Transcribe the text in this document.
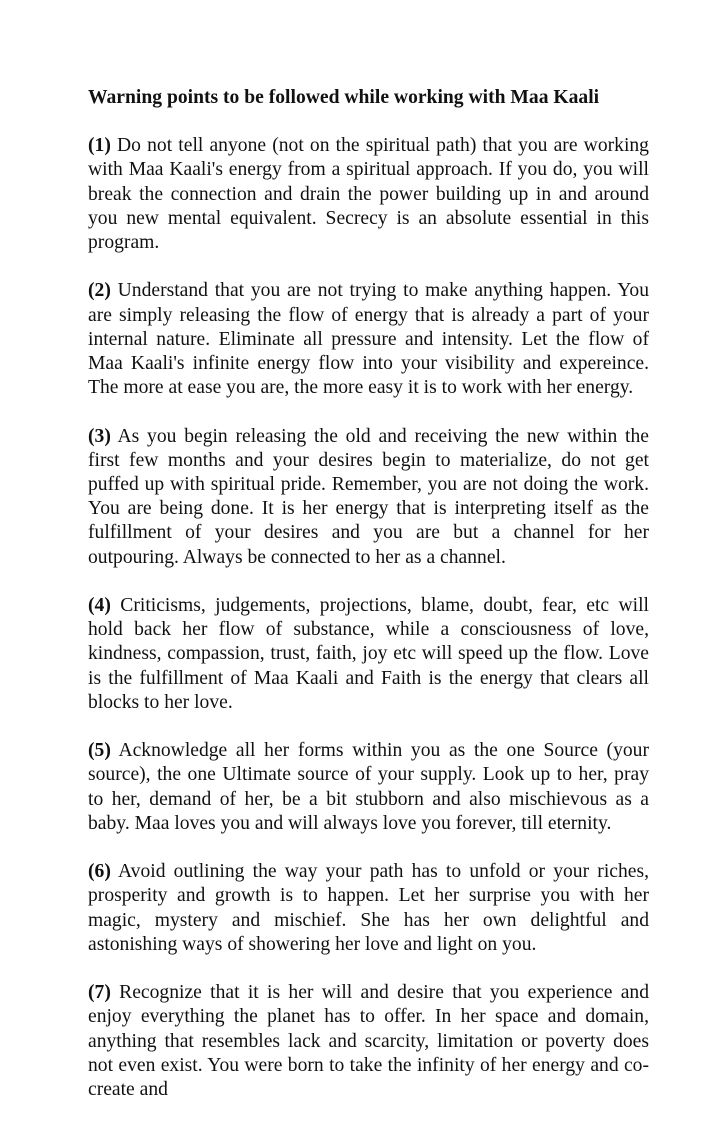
Warning points to be followed while working with Maa Kaali

(1) Do not tell anyone (not on the spiritual path) that you are working with Maa Kaali's energy from a spiritual approach. If you do, you will break the connection and drain the power building up in and around you new mental equivalent. Secrecy is an absolute essential in this program.

(2) Understand that you are not trying to make anything happen. You are simply releasing the flow of energy that is already a part of your internal nature. Eliminate all pressure and intensity. Let the flow of Maa Kaali's infinite energy flow into your visibility and expereince. The more at ease you are, the more easy it is to work with her energy.

(3) As you begin releasing the old and receiving the new within the first few months and your desires begin to materialize, do not get puffed up with spiritual pride. Remember, you are not doing the work. You are being done. It is her energy that is interpreting itself as the fulfillment of your desires and you are but a channel for her outpouring. Always be connected to her as a channel.

(4) Criticisms, judgements, projections, blame, doubt, fear, etc will hold back her flow of substance, while a consciousness of love, kindness, compassion, trust, faith, joy etc will speed up the flow. Love is the fulfillment of Maa Kaali and Faith is the energy that clears all blocks to her love.

(5) Acknowledge all her forms within you as the one Source (your source), the one Ultimate source of your supply. Look up to her, pray to her, demand of her, be a bit stubborn and also mischievous as a baby. Maa loves you and will always love you forever, till eternity.

(6) Avoid outlining the way your path has to unfold or your riches, prosperity and growth is to happen. Let her surprise you with her magic, mystery and mischief. She has her own delightful and astonishing ways of showering her love and light on you.

(7) Recognize that it is her will and desire that you experience and enjoy everything the planet has to offer. In her space and domain, anything that resembles lack and scarcity, limitation or poverty does not even exist. You were born to take the infinity of her energy and co-create and
